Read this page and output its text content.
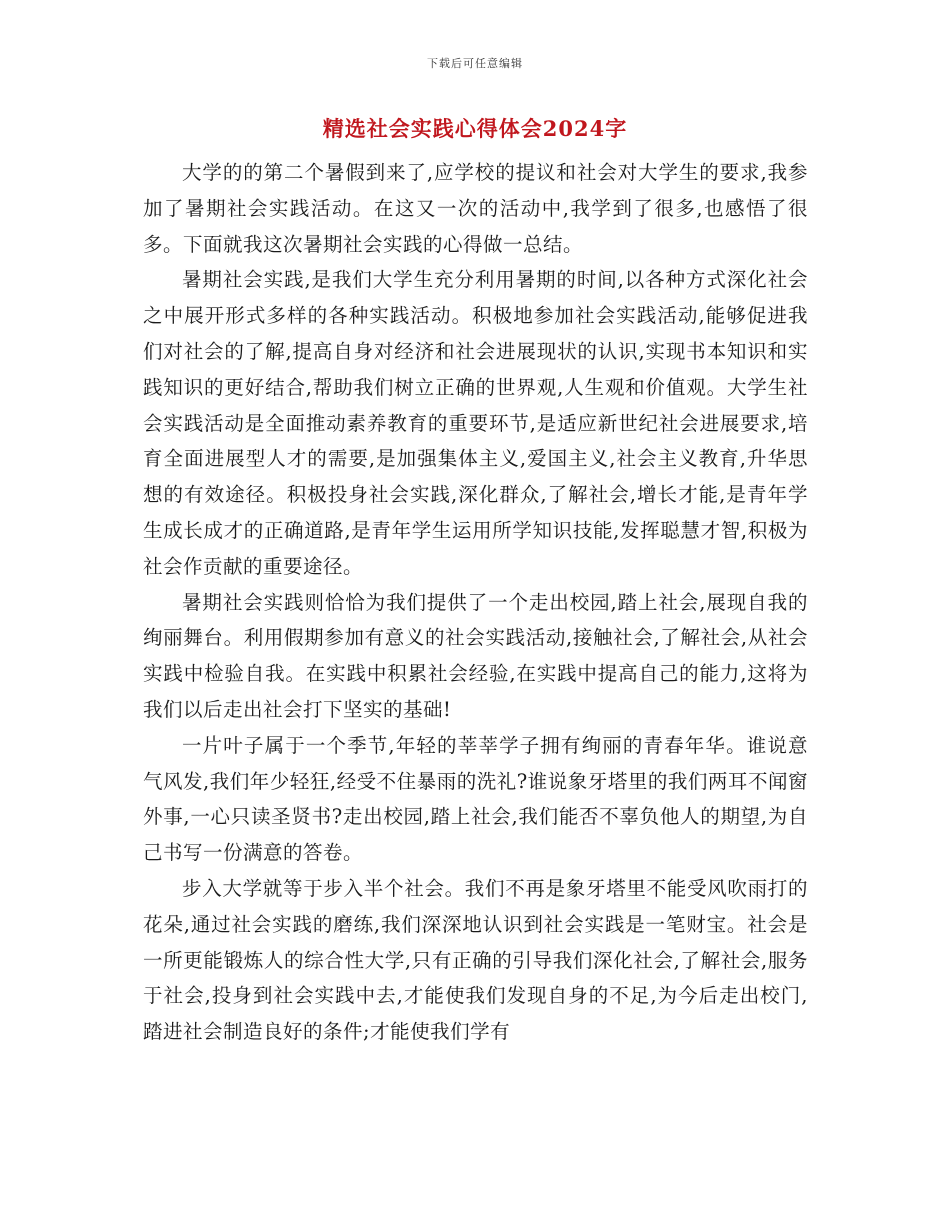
下载后可任意编辑
精选社会实践心得体会2024字

大学的的第二个暑假到来了,应学校的提议和社会对大学生的要求,我参加了暑期社会实践活动。在这又一次的活动中,我学到了很多,也感悟了很多。下面就我这次暑期社会实践的心得做一总结。

暑期社会实践,是我们大学生充分利用暑期的时间,以各种方式深化社会之中展开形式多样的各种实践活动。积极地参加社会实践活动,能够促进我们对社会的了解,提高自身对经济和社会进展现状的认识,实现书本知识和实践知识的更好结合,帮助我们树立正确的世界观,人生观和价值观。大学生社会实践活动是全面推动素养教育的重要环节,是适应新世纪社会进展要求,培育全面进展型人才的需要,是加强集体主义,爱国主义,社会主义教育,升华思想的有效途径。积极投身社会实践,深化群众,了解社会,增长才能,是青年学生成长成才的正确道路,是青年学生运用所学知识技能,发挥聪慧才智,积极为社会作贡献的重要途径。

暑期社会实践则恰恰为我们提供了一个走出校园,踏上社会,展现自我的绚丽舞台。利用假期参加有意义的社会实践活动,接触社会,了解社会,从社会实践中检验自我。在实践中积累社会经验,在实践中提高自己的能力,这将为我们以后走出社会打下坚实的基础!

一片叶子属于一个季节,年轻的莘莘学子拥有绚丽的青春年华。谁说意气风发,我们年少轻狂,经受不住暴雨的洗礼?谁说象牙塔里的我们两耳不闻窗外事,一心只读圣贤书?走出校园,踏上社会,我们能否不辜负他人的期望,为自己书写一份满意的答卷。

步入大学就等于步入半个社会。我们不再是象牙塔里不能受风吹雨打的花朵,通过社会实践的磨练,我们深深地认识到社会实践是一笔财宝。社会是一所更能锻炼人的综合性大学,只有正确的引导我们深化社会,了解社会,服务于社会,投身到社会实践中去,才能使我们发现自身的不足,为今后走出校门,踏进社会制造良好的条件;才能使我们学有
